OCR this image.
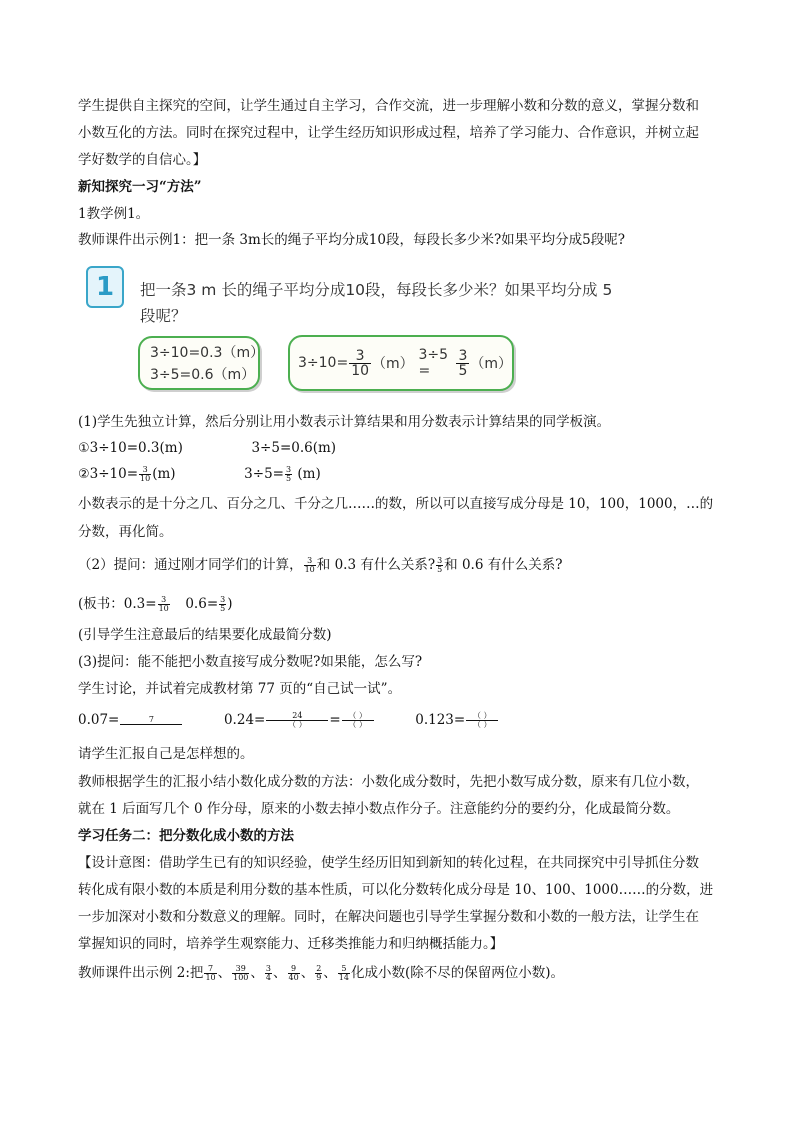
学生提供自主探究的空间，让学生通过自主学习，合作交流，进一步理解小数和分数的意义，掌握分数和
小数互化的方法。同时在探究过程中，让学生经历知识形成过程，培养了学习能力、合作意识，并树立起
学好数学的自信心。】
新知探究一习“方法”
1教学例1。
教师课件出示例1：把一条 3m长的绳子平均分成10段，每段长多少米?如果平均分成5段呢?
1	把一条3 m 长的绳子平均分成10段，每段长多少米？如果平均分成 5
段呢？
3÷10=0.3（m）
3÷5=0.6（m）
$3\div 10= \frac{3}{10} (m)$
3÷5 =	$\frac{3}{5} (m)$
(1)学生先独立计算，然后分别让用小数表示计算结果和用分数表示计算结果的同学板演。
①3÷10=0.3(m)	3÷5=0.6(m)
②3÷10= $\frac{3}{10} (m)$	$3\div 5= \frac{3}{5} (m)$
小数表示的是十分之几、百分之几、千分之几……的数，所以可以直接写成分母是 10，100，1000，…的
分数，再化简。
（2）提问：通过刚才同学们的计算， $\frac{3}{10}$ 和 0.3 有什么关系? $\frac{3}{5}$ 和 0.6 有什么关系?
(板书：$0.3= \frac{3}{10} 0.6= \frac{3}{5}$ )
(引导学生注意最后的结果要化成最简分数)
(3)提问：能不能把小数直接写成分数呢?如果能，怎么写?
学生讨论，并试着完成教材第 77 页的“自己试一试”。
0.07=	7	$0.24= \frac{24}{( )} = \frac{( )}{( )}$	$0.123= \frac{( )}{( )}$
请学生汇报自己是怎样想的。
教师根据学生的汇报小结小数化成分数的方法：小数化成分数时，先把小数写成分数，原来有几位小数，
就在 1 后面写几个 0 作分母，原来的小数去掉小数点作分子。注意能约分的要约分，化成最简分数。
学习任务二：把分数化成小数的方法
【设计意图：借助学生已有的知识经验，使学生经历旧知到新知的转化过程，在共同探究中引导抓住分数
转化成有限小数的本质是利用分数的基本性质，可以化分数转化成分母是 10、100、1000……的分数，进
一步加深对小数和分数意义的理解。同时，在解决问题也引导学生掌握分数和小数的一般方法，让学生在
掌握知识的同时，培养学生观察能力、迁移类推能力和归纳概括能力。】
教师课件出示例 2:把 $\frac{7}{10}$ 、 $\frac{39}{100}$ 、 $\frac{3}{4}$ 、 $\frac{9}{40}$ 、 $\frac{2}{9}$ 、 $\frac{5}{14}$ 化成小数(除不尽的保留两位小数)。
